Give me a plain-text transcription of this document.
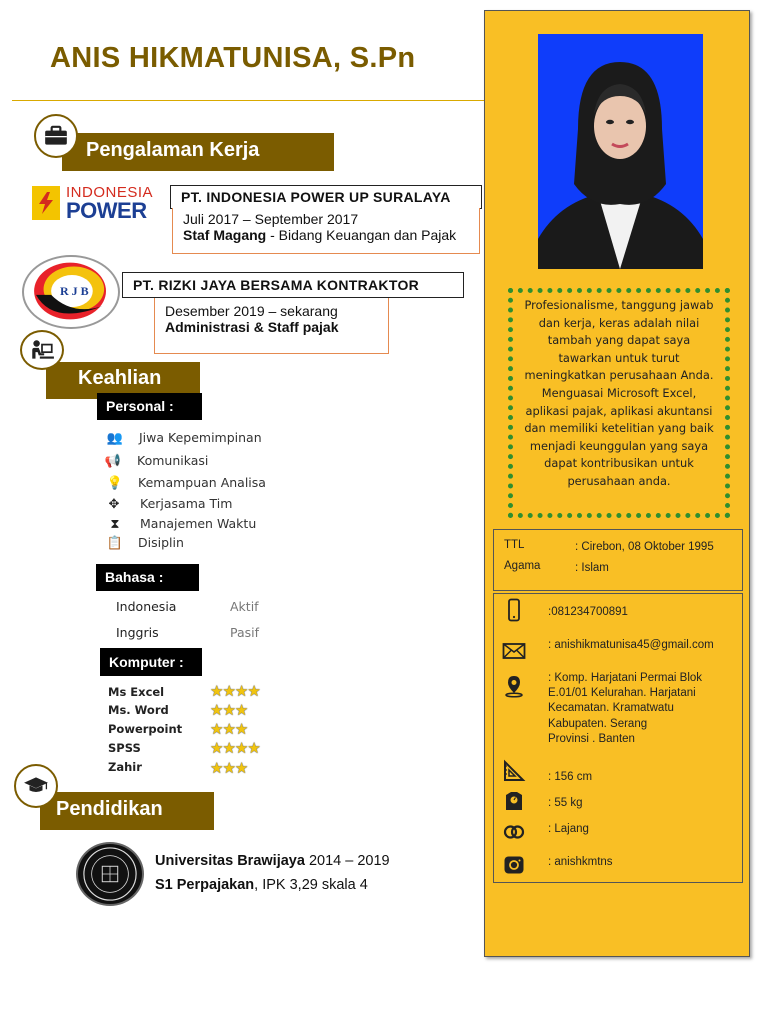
ANIS HIKMATUNISA, S.Pn
Pengalaman Kerja
INDONESIA
POWER
PT. INDONESIA POWER UP SURALAYA
Juli 2017 – September 2017
Staf Magang - Bidang Keuangan dan Pajak
R J B	PT. RIZKI JAYA BERSAMA KONTRAKTOR
Desember 2019 – sekarang
Administrasi & Staff pajak
Keahlian
Personal :
👥 Jiwa Kepemimpinan
📢 Komunikasi
💡 Kemampuan Analisa
✥ Kerjasama Tim
⧗ Manajemen Waktu
📋 Disiplin
Bahasa :
Indonesia	Aktif
Inggris	Pasif
Komputer :
Ms Excel	★★★★
Ms. Word	★★★
Powerpoint ★★★
SPSS	★★★★
Zahir	★★★
Pendidikan
Universitas Brawijaya 2014 – 2019
S1 Perpajakan, IPK 3,29 skala 4
Profesionalisme, tanggung jawab dan kerja, keras adalah nilai tambah yang dapat saya tawarkan untuk turut meningkatkan perusahaan Anda. Menguasai Microsoft Excel, aplikasi pajak, aplikasi akuntansi dan memiliki ketelitian yang baik menjadi keunggulan yang saya dapat kontribusikan untuk perusahaan anda.
TTL	: Cirebon, 08 Oktober 1995
Agama	: Islam
:081234700891
: anishikmatunisa45@gmail.com
: Komp. Harjatani Permai Blok
E.01/01 Kelurahan. Harjatani
Kecamatan. Kramatwatu
Kabupaten. Serang
Provinsi . Banten
: 156 cm
: 55 kg
: Lajang
: anishkmtns
